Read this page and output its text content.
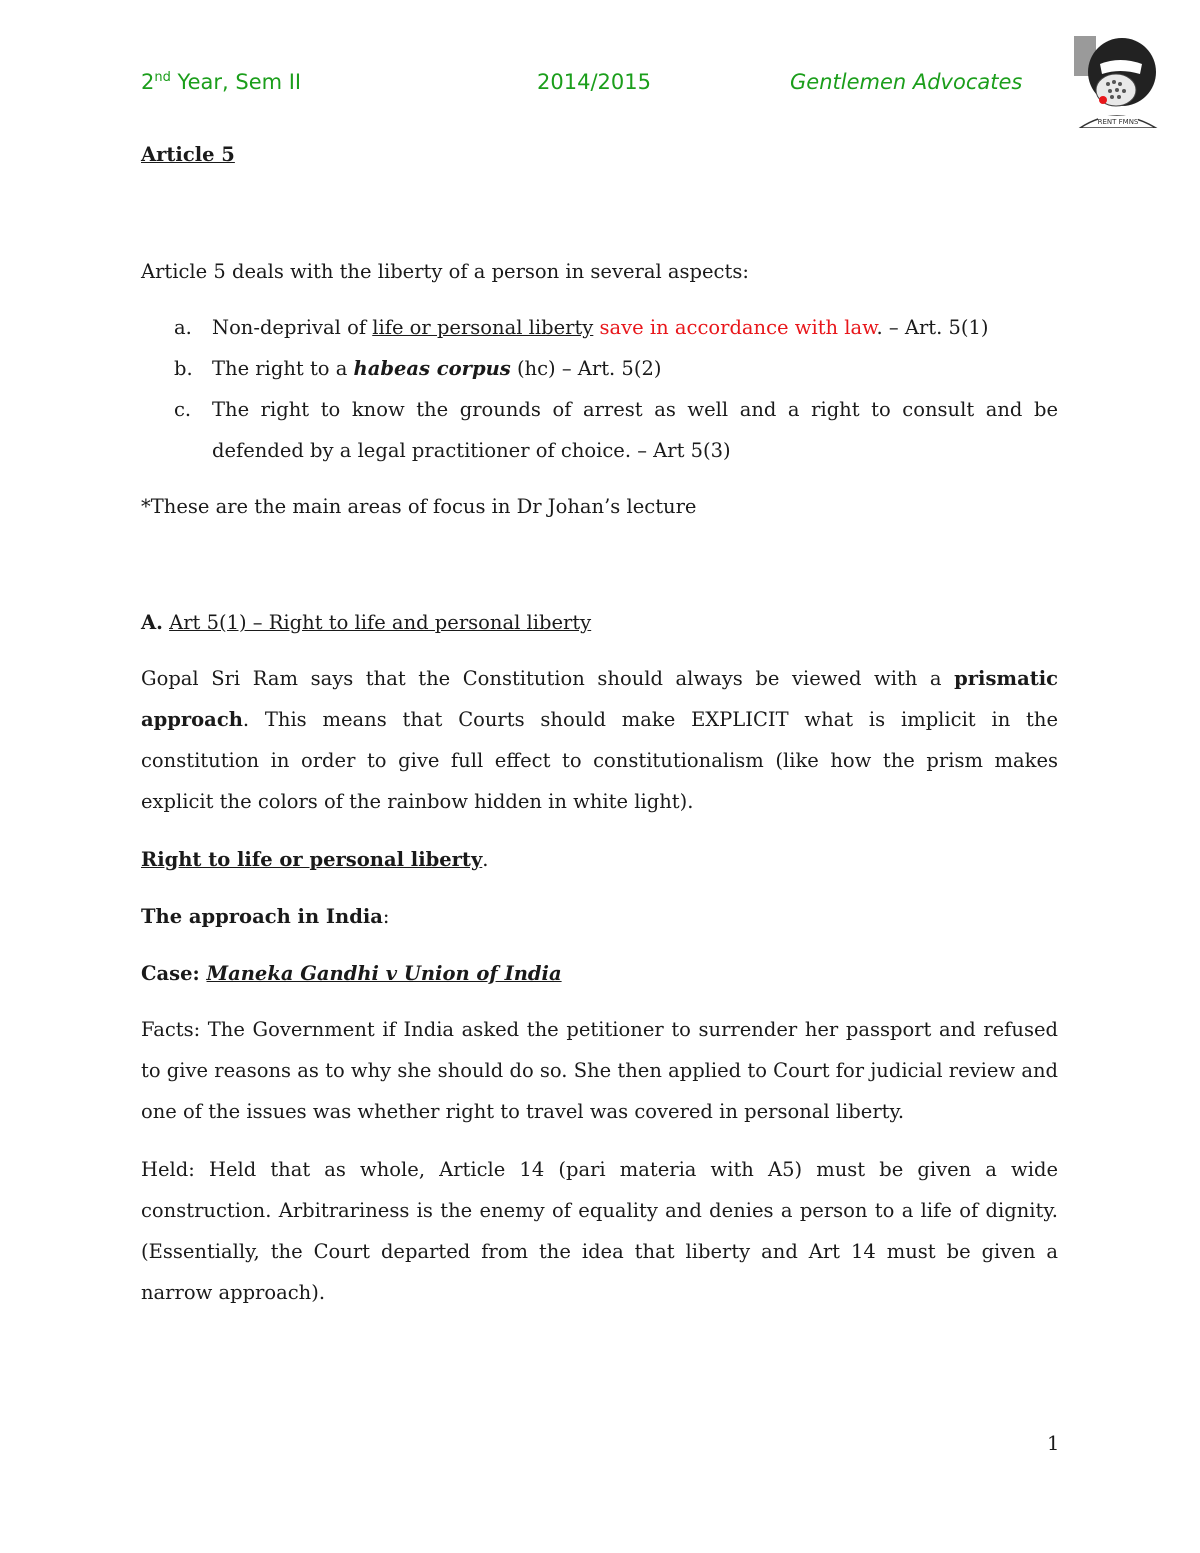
2nd Year, Sem II	2014/2015	Gentlemen Advocates
RENT FMNS
Article 5
Article 5 deals with the liberty of a person in several aspects:
a. Non-deprival of life or personal liberty save in accordance with law. – Art. 5(1)
b. The right to a habeas corpus (hc) – Art. 5(2)
c. The right to know the grounds of arrest as well and a right to consult and be defended by a legal practitioner of choice. – Art 5(3)
*These are the main areas of focus in Dr Johan’s lecture
A. Art 5(1) – Right to life and personal liberty
Gopal Sri Ram says that the Constitution should always be viewed with a prismatic approach. This means that Courts should make EXPLICIT what is implicit in the constitution in order to give full effect to constitutionalism (like how the prism makes explicit the colors of the rainbow hidden in white light).
Right to life or personal liberty.
The approach in India:
Case: Maneka Gandhi v Union of India
Facts: The Government if India asked the petitioner to surrender her passport and refused to give reasons as to why she should do so. She then applied to Court for judicial review and one of the issues was whether right to travel was covered in personal liberty.
Held: Held that as whole, Article 14 (pari materia with A5) must be given a wide construction. Arbitrariness is the enemy of equality and denies a person to a life of dignity. (Essentially, the Court departed from the idea that liberty and Art 14 must be given a narrow approach).
1
